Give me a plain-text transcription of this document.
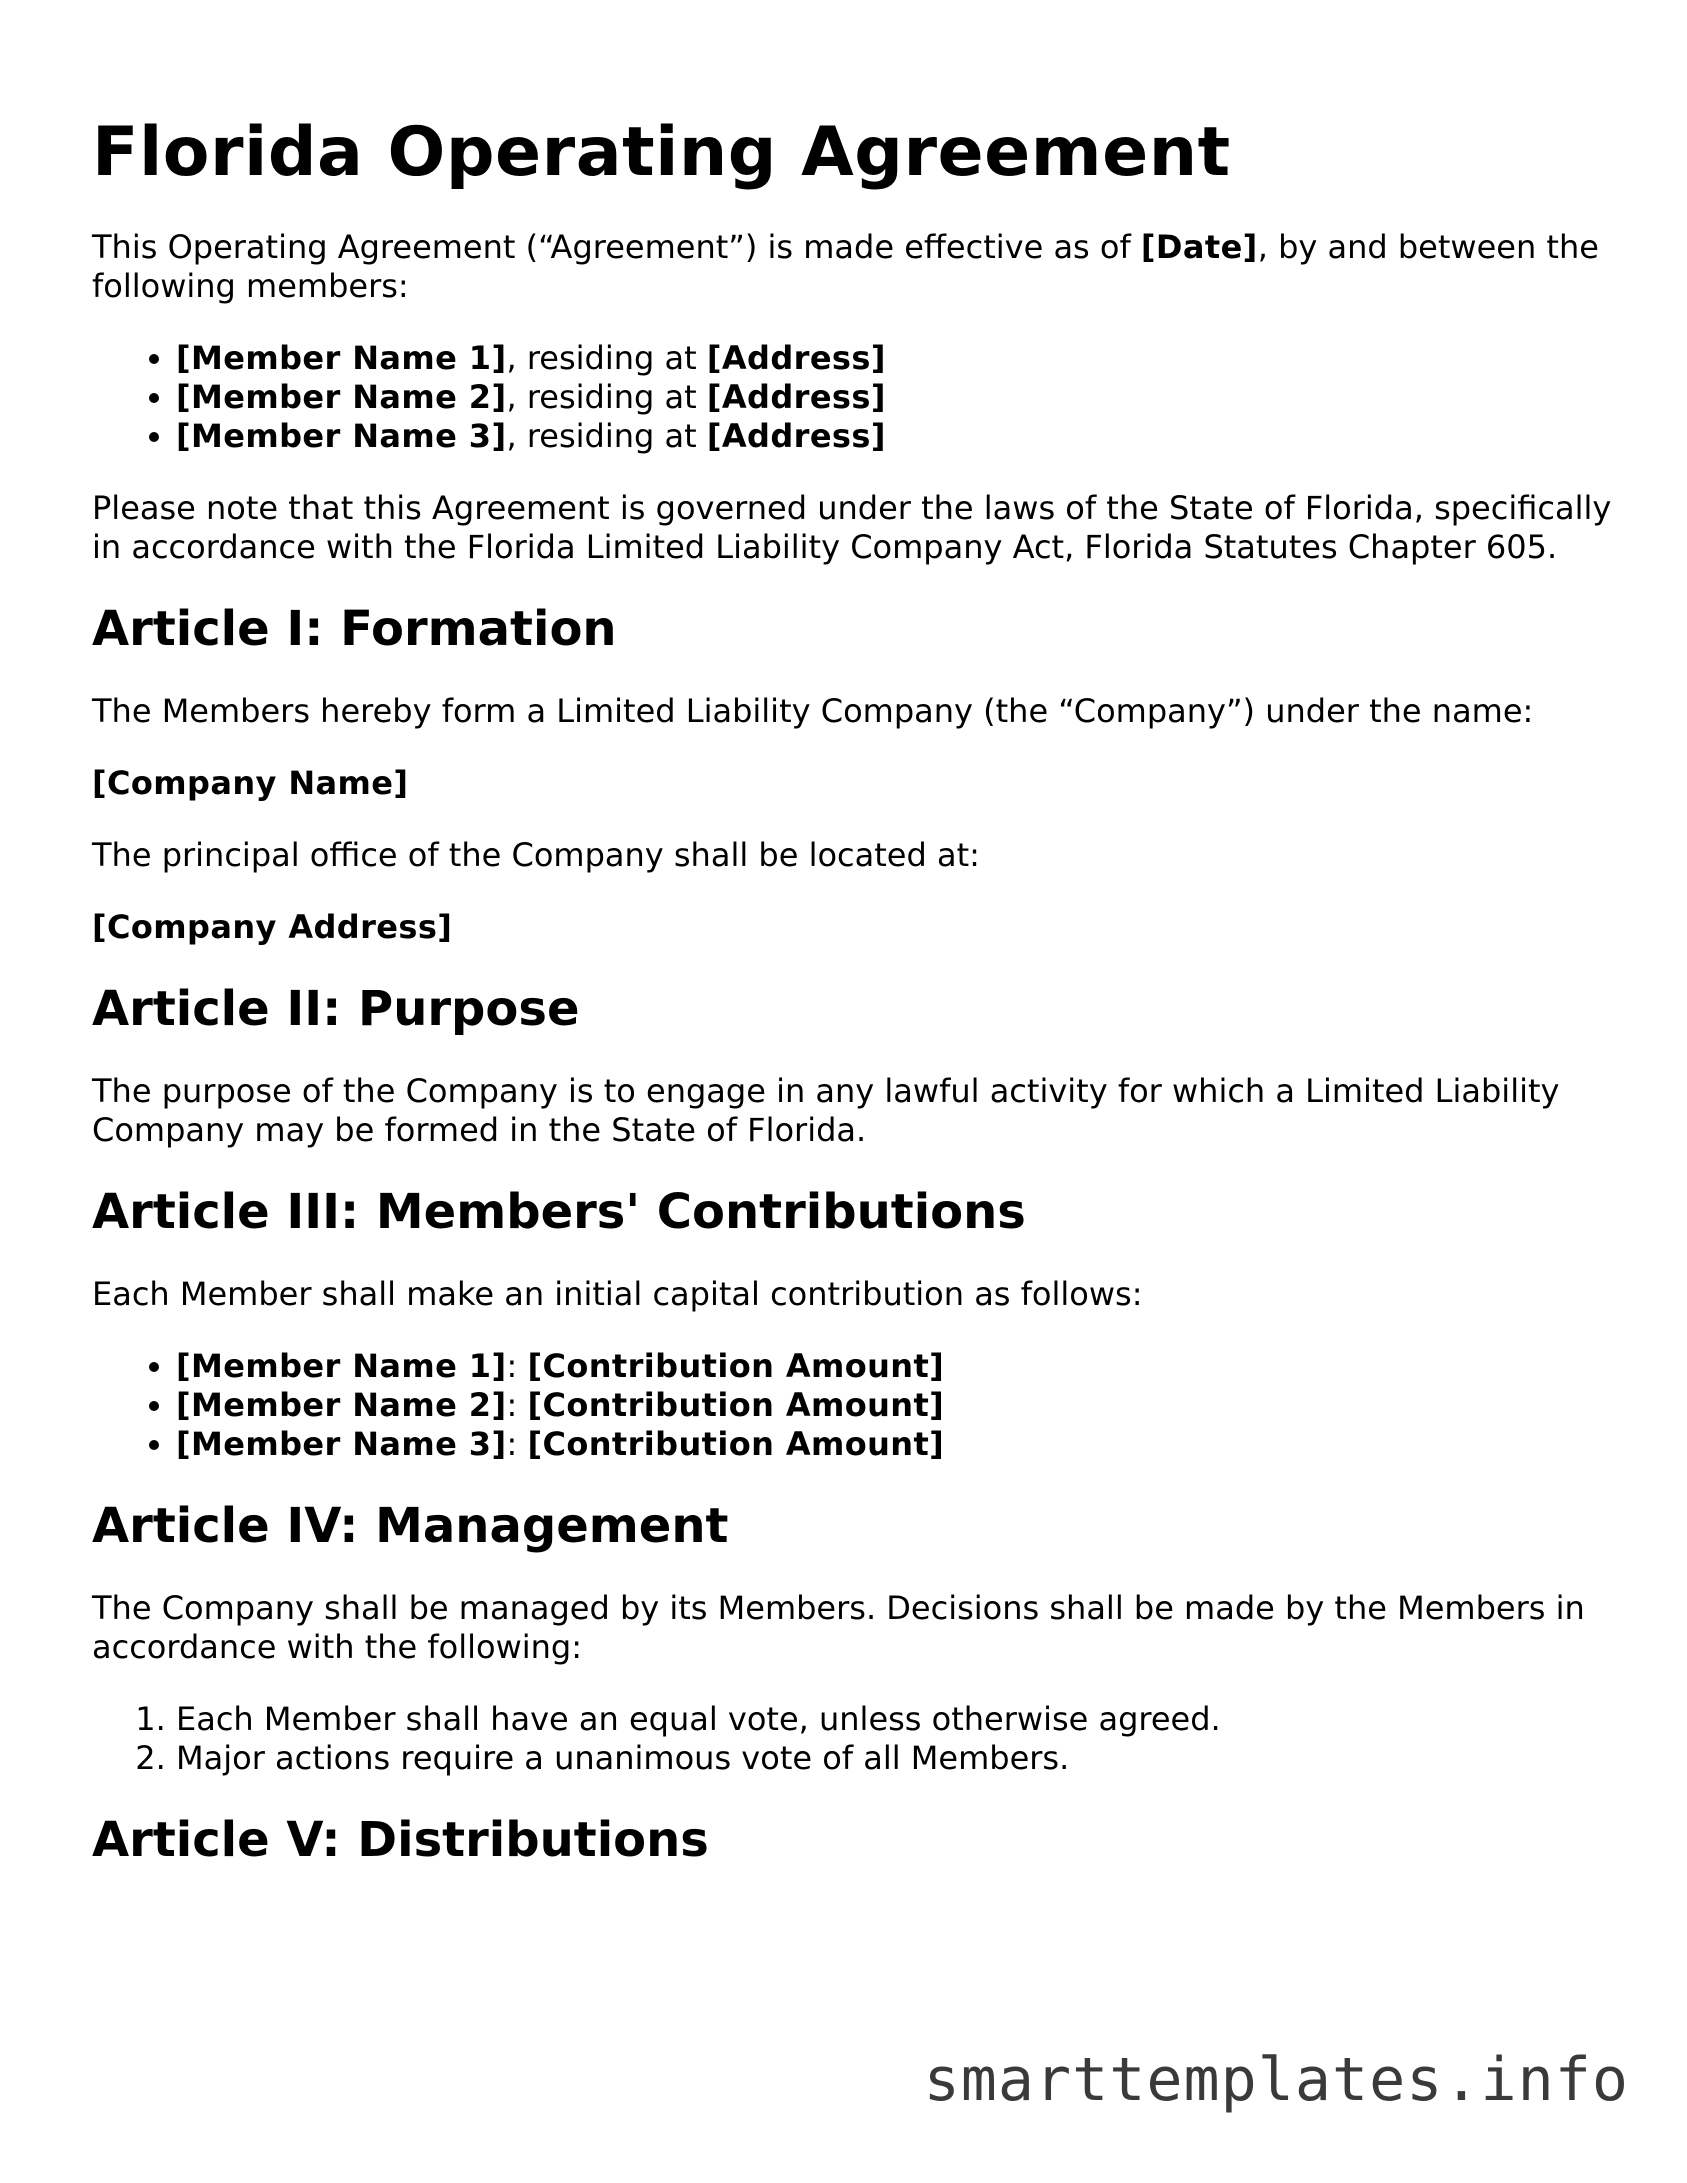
Florida Operating Agreement

This Operating Agreement (“Agreement”) is made effective as of [Date], by and between the following members:

• [Member Name 1], residing at [Address]
• [Member Name 2], residing at [Address]
• [Member Name 3], residing at [Address]

Please note that this Agreement is governed under the laws of the State of Florida, specifically in accordance with the Florida Limited Liability Company Act, Florida Statutes Chapter 605.

Article I: Formation

The Members hereby form a Limited Liability Company (the “Company”) under the name:

[Company Name]

The principal office of the Company shall be located at:

[Company Address]

Article II: Purpose

The purpose of the Company is to engage in any lawful activity for which a Limited Liability Company may be formed in the State of Florida.

Article III: Members' Contributions

Each Member shall make an initial capital contribution as follows:

• [Member Name 1]: [Contribution Amount]
• [Member Name 2]: [Contribution Amount]
• [Member Name 3]: [Contribution Amount]
Article IV: Management

The Company shall be managed by its Members. Decisions shall be made by the Members in accordance with the following:

1. Each Member shall have an equal vote, unless otherwise agreed.
2. Major actions require a unanimous vote of all Members.
Article V: Distributions
smarttemplates.info
